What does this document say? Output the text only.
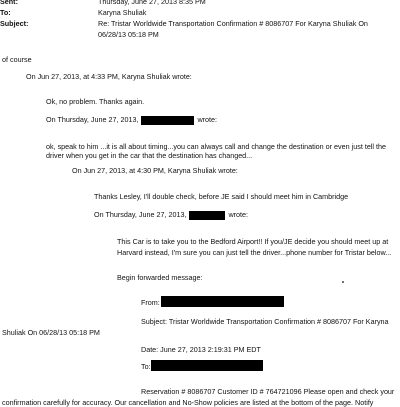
Sent:	Thursday, June 27, 2013 8:35 PM
To:	Karyna Shuliak
Subject:	Re: Tristar Worldwide Transportation Confirmation # 8086707 For Karyna Shuliak On
06/28/13 05:18 PM
of course
On Jun 27, 2013, at 4:33 PM, Karyna Shuliak wrote:
Ok, no problem. Thanks again.
On Thursday, June 27, 2013,	wrote:
ok, speak to him ...it is all about timing...you can always call and change the destination or even just tell the driver when you get in the car that the destination has changed...
On Jun 27, 2013, at 4:30 PM, Karyna Shuliak wrote:
Thanks Lesley, I'll double check, before JE said I should meet him in Cambridge
On Thursday, June 27, 2013,	wrote:
This Car is to take you to the Bedford Airport!! If you/JE decide you should meet up at
Harvard instead, I'm sure you can just tell the driver...phone number for Tristar below...
Begin forwarded message:
From:
Subject: Tristar Worldwide Transportation Confirmation # 8086707 For Karyna
Shuliak On 06/28/13 05:18 PM
Date: June 27, 2013 2:19:31 PM EDT
To:
Reservation # 8086707 Customer ID # 764721096 Please open and check your
confirmation carefully for accuracy. Our cancellation and No-Show policies are listed at the bottom of the page. Notify
